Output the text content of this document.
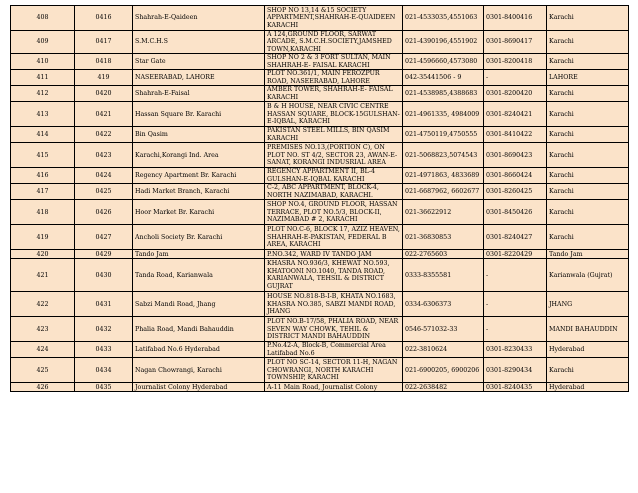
408	0416	Shahrah-E-Qaideen	SHOP NO 13,14 &15 SOCIETY APPARTMENT,SHAHRAH-E-QUAIDEEN KARACHI	021-4533035,4551063	0301-8400416	Karachi
409	0417	S.M.C.H.S	A 124,GROUND FLOOR, SARWAT ARCADE, S.M.C.H.SOCIETY,JAMSHED TOWN,KARACHI	021-4390196,4551902	0301-8690417	Karachi
410	0418	Star Gate	SHOP NO 2 & 3 FORT SULTAN, MAIN SHAHRAH-E- FAISAL KARACHI	021-4596660,4573080	0301-8200418	Karachi
411	419	NASEERABAD, LAHORE	PLOT NO.361/1, MAIN FEROZPUR ROAD, NASEERABAD, LAHORE	042-35441506 - 9	-	LAHORE
412	0420	Shahrah-E-Faisal	AMBER TOWER, SHAHRAH-E- FAISAL KARACHI	021-4538985,4388683	0301-8200420	Karachi
413	0421	Hassan Square Br. Karachi	B & H HOUSE, NEAR CIVIC CENTRE HASSAN SQUARE, BLOCK-15GULSHAN-E-IQBAL, KARACHI	021-4961335, 4984009	0301-8240421	Karachi
414	0422	Bin Qasim	PAKISTAN STEEL MILLS, BIN QASIM KARACHI	021-4750119,4750555	0301-8410422	Karachi
415	0423	Karachi,Korangi Ind. Area	PREMISES NO.13,(PORTION C), ON PLOT NO. ST 4/2, SECTOR 23, AWAN-E-SANAT, KORANGI INDUSRIAL AREA	021-5068823,5074543	0301-8690423	Karachi
416	0424	Regency Apartment Br. Karachi	REGENCY APPARTMENT II, BL-4 GULSHAN-E-IQBAL KARACHI	021-4971863, 4833689	0301-8660424	Karachi
417	0425	Hadi Market Branch, Karachi	C-2, ABC APPARTMENT, BLOCK-4, NORTH NAZIMABAD, KARACHI.	021-6687962, 6602677	0301-8260425	Karachi
418	0426	Hoor Market Br. Karachi	SHOP NO.4, GROUND FLOOR, HASSAN TERRACE, PLOT NO.5/3, BLOCK-II, NAZIMABAD # 2, KARACHI	021-36622912	0301-8450426	Karachi
419	0427	Ancholi Society Br. Karachi	PLOT NO.C-6, BLOCK 17, AZIZ HEAVEN, SHAHRAH-E-PAKISTAN, FEDERAL B AREA, KARACHI	021-36830853	0301-8240427	Karachi
420	0429	Tando Jam	P.NO.342, WARD IV TANDO JAM	022-2765603	0301-8220429	Tando Jam
421	0430	Tanda Road, Karianwala	KHASRA NO.936/3, KHEWAT NO.593, KHATOONI NO.1040, TANDA ROAD, KARIANWALA, TEHSIL & DISTRICT GUJRAT	0333-8355581	-	Karianwala (Gujrat)
422	0431	Sabzi Mandi Road, Jhang	HOUSE NO.818-B-I-B, KHATA NO.1683, KHASRA NO.385, SABZI MANDI ROAD, JHANG	0334-6306373	-	JHANG
423	0432	Phalia Road, Mandi Bahauddin	PLOT NO.B-17/58, PHALIA ROAD, NEAR SEVEN WAY CHOWK, TEHIL & DISTRICT MANDI BAHAUDDIN	0546-571032-33	-	MANDI BAHAUDDIN
424	0433	Latifabad No.6 Hyderabad	P.No.42-A, Block-B, Commercial Area Latifabad No.6	022-3810624	0301-8230433	Hyderabad
425	0434	Nagan Chowrangi, Karachi	PLOT NO SC-14, SECTOR 11-H, NAGAN CHOWRANGI, NORTH KARACHI TOWNSHIP, KARACHI	021-6900205, 6900206	0301-8290434	Karachi
426	0435	Journalist Colony Hyderabad	A-11 Main Road, Journalist Colony	022-2638482	0301-8240435	Hyderabad
